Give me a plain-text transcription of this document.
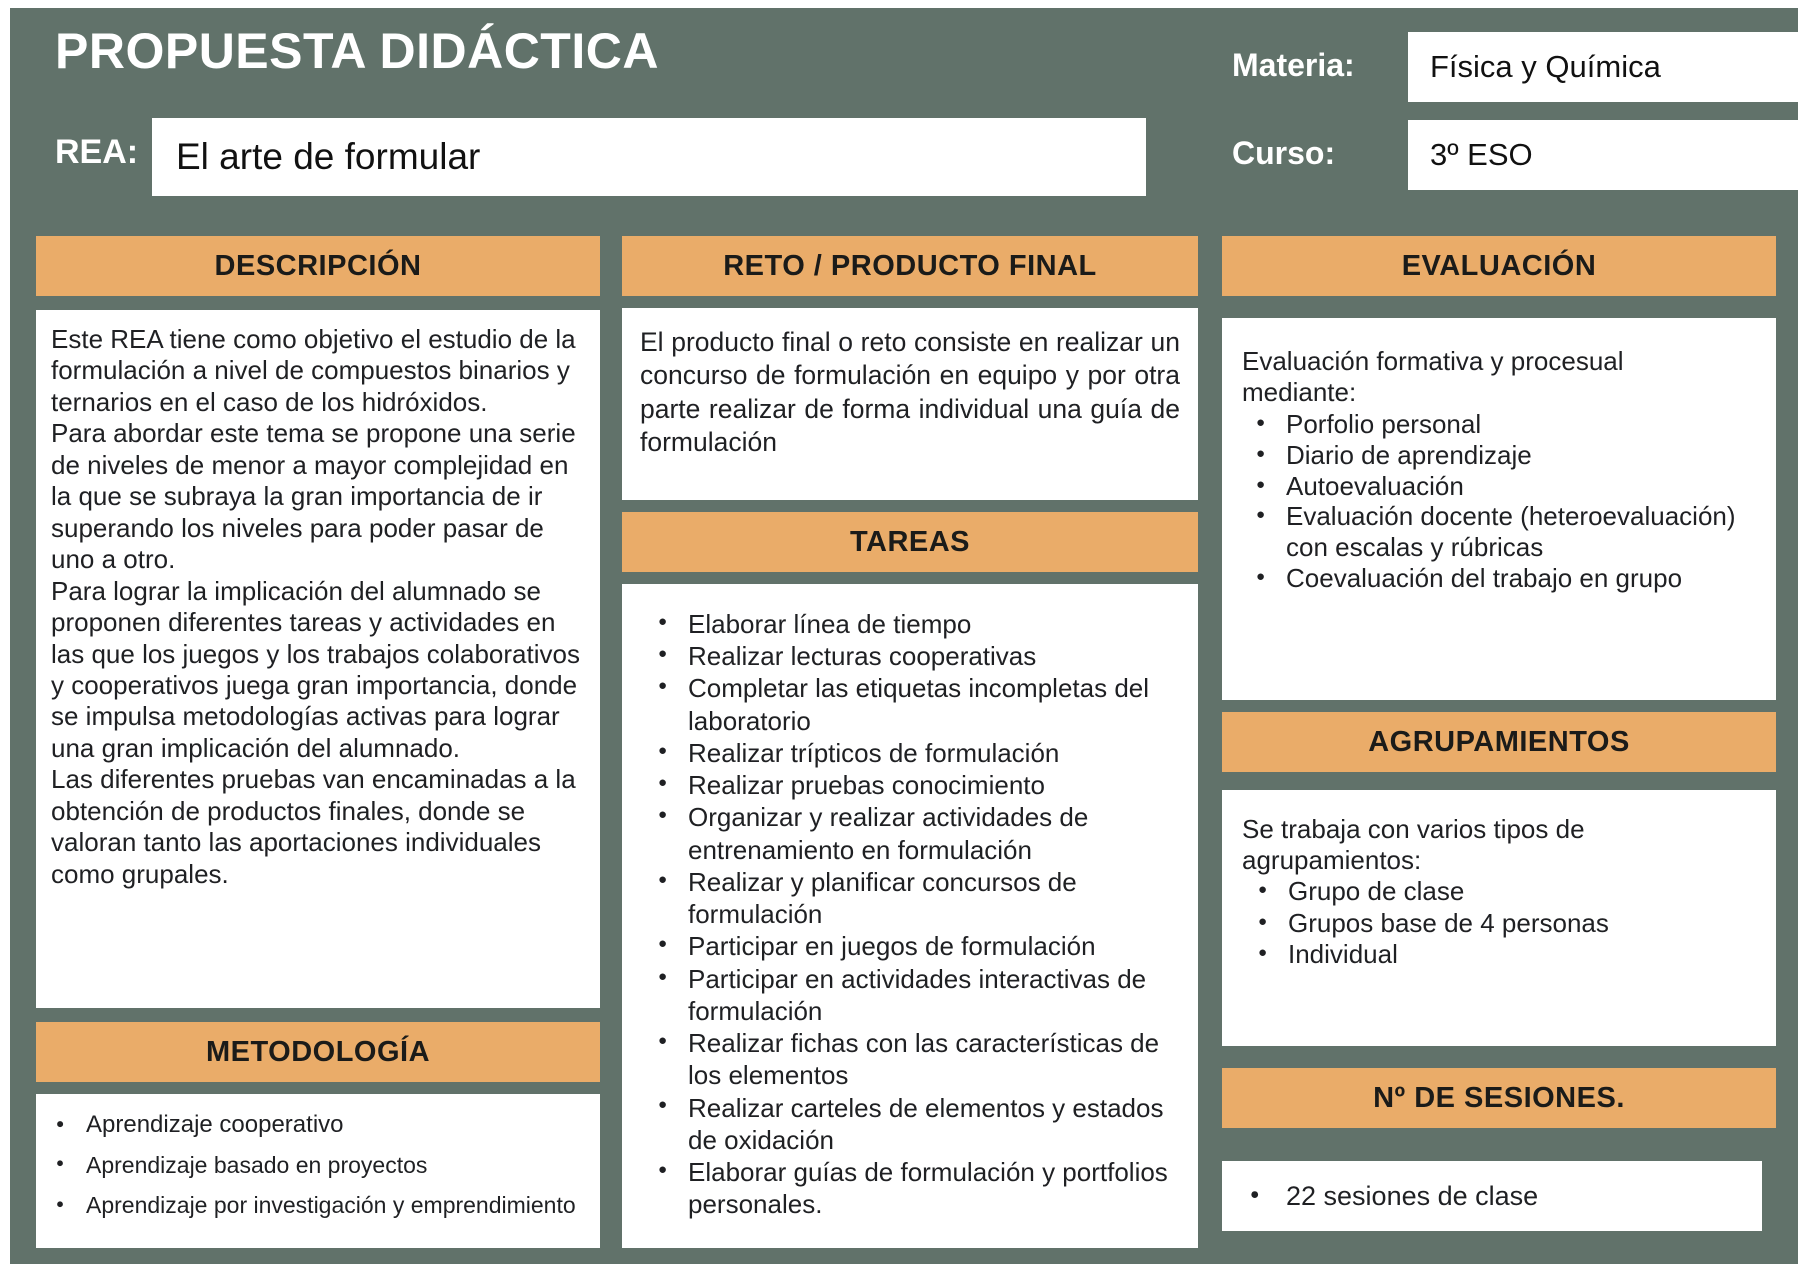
PROPUESTA DIDÁCTICA
REA: El arte de formular
Materia: Física y Química
Curso:	3º ESO
DESCRIPCIÓN

Este REA tiene como objetivo el estudio de la formulación a nivel de compuestos binarios y ternarios en el caso de los hidróxidos.

Para abordar este tema se propone una serie de niveles de menor a mayor complejidad en la que se subraya la gran importancia de ir superando los niveles para poder pasar de uno a otro.

Para lograr la implicación del alumnado se proponen diferentes tareas y actividades en las que los juegos y los trabajos colaborativos y cooperativos juega gran importancia, donde se impulsa metodologías activas para lograr una gran implicación del alumnado.

Las diferentes pruebas van encaminadas a la obtención de productos finales, donde se valoran tanto las aportaciones individuales como grupales.

METODOLOGÍA
● Aprendizaje cooperativo
● Aprendizaje basado en proyectos
● Aprendizaje por investigación y emprendimiento
RETO / PRODUCTO FINAL

El producto final o reto consiste en realizar un concurso de formulación en equipo y por otra parte realizar de forma individual una guía de formulación

TAREAS
● Elaborar línea de tiempo
● Realizar lecturas cooperativas
● Completar las etiquetas incompletas del laboratorio
● Realizar trípticos de formulación
● Realizar pruebas conocimiento
● Organizar y realizar actividades de entrenamiento en formulación
● Realizar y planificar concursos de formulación
● Participar en juegos de formulación
● Participar en actividades interactivas de formulación
● Realizar fichas con las características de los elementos
● Realizar carteles de elementos y estados de oxidación
● Elaborar guías de formulación y portfolios personales.
EVALUACIÓN

Evaluación formativa y procesual mediante:

● Porfolio personal
● Diario de aprendizaje
● Autoevaluación
● Evaluación docente (heteroevaluación) con escalas y rúbricas
● Coevaluación del trabajo en grupo
AGRUPAMIENTOS

Se trabaja con varios tipos de agrupamientos:

● Grupo de clase
● Grupos base de 4 personas
● Individual
Nº DE SESIONES.
● 22 sesiones de clase
